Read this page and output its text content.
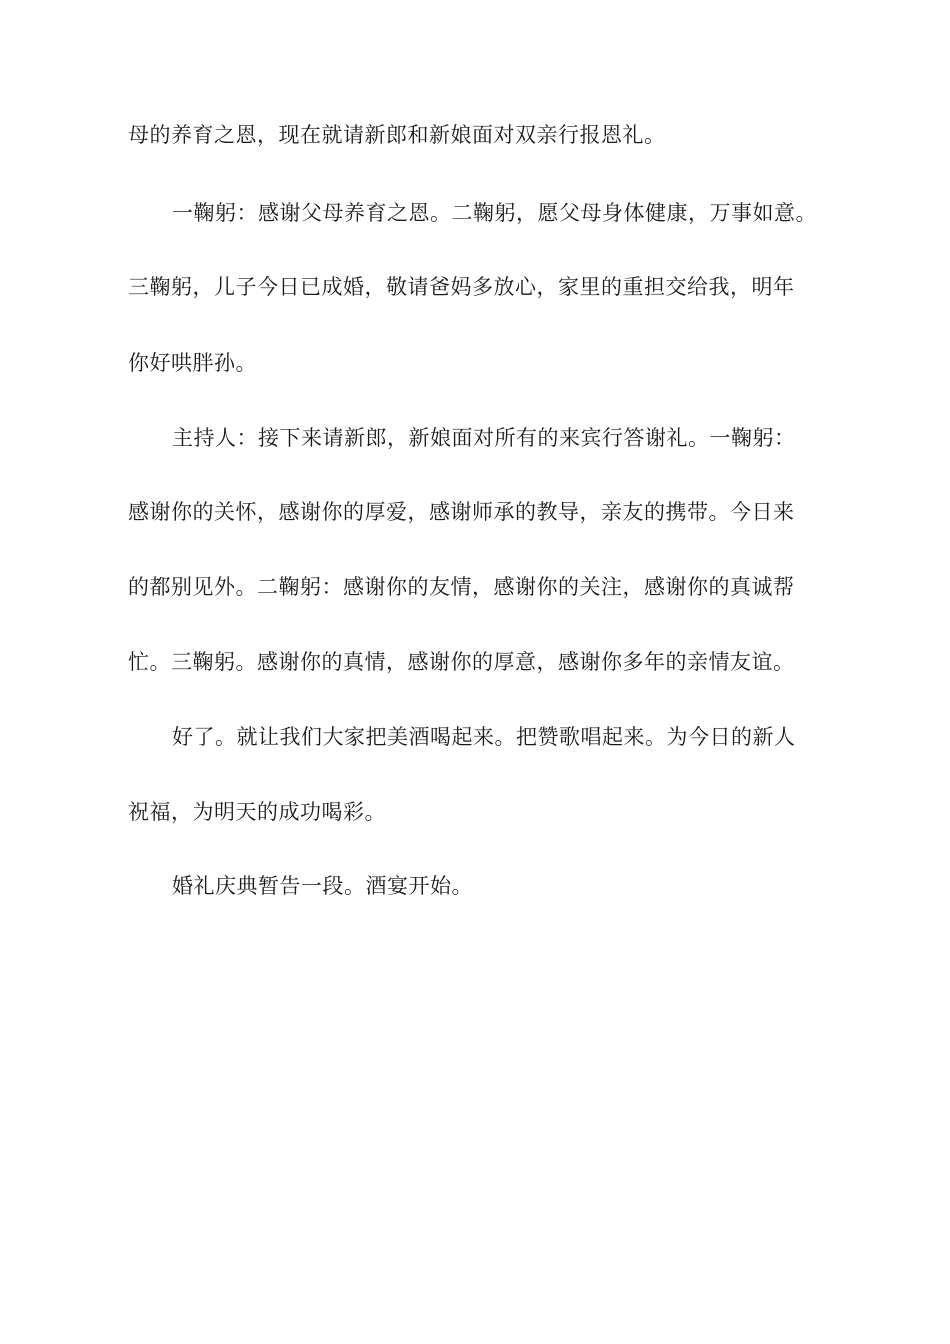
母的养育之恩，现在就请新郎和新娘面对双亲行报恩礼。
一鞠躬：感谢父母养育之恩。二鞠躬，愿父母身体健康，万事如意。
三鞠躬，儿子今日已成婚，敬请爸妈多放心，家里的重担交给我，明年
你好哄胖孙。
主持人：接下来请新郎，新娘面对所有的来宾行答谢礼。一鞠躬：
感谢你的关怀，感谢你的厚爱，感谢师承的教导，亲友的携带。今日来
的都别见外。二鞠躬：感谢你的友情，感谢你的关注，感谢你的真诚帮
忙。三鞠躬。感谢你的真情，感谢你的厚意，感谢你多年的亲情友谊。
好了。就让我们大家把美酒喝起来。把赞歌唱起来。为今日的新人
祝福，为明天的成功喝彩。
婚礼庆典暂告一段。酒宴开始。
